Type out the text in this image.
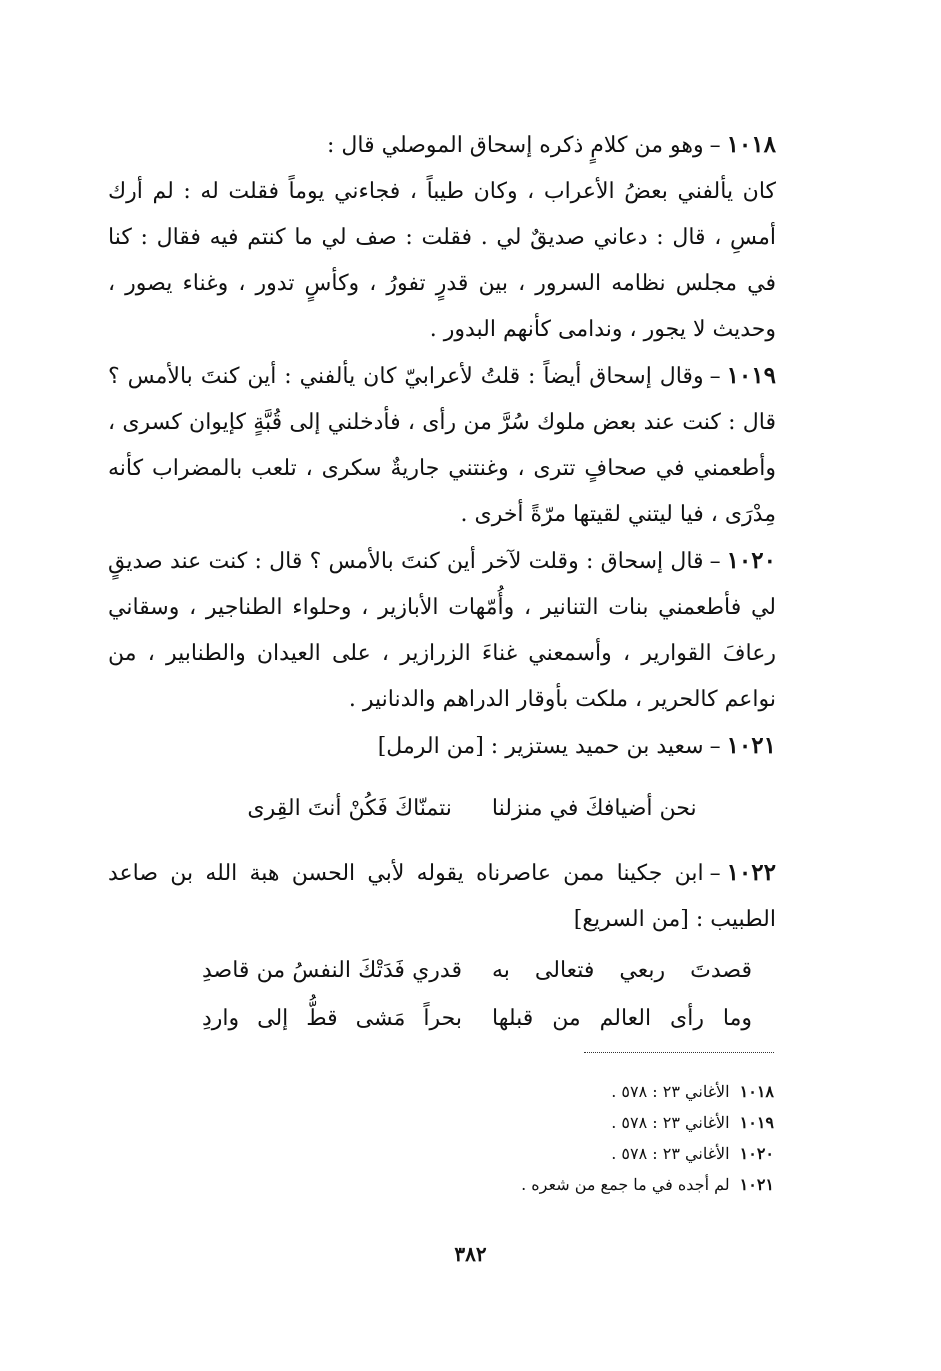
١٠١٨–وهو من كلامٍ ذكره إسحاق الموصلي قال :
كان يألفني بعضُ الأعراب ، وكان طيباً ، فجاءني يوماً فقلت له : لم أرك أمسِ ، قال : دعاني صديقٌ لي . فقلت : صف لي ما كنتم فيه فقال : كنا في مجلس نظامه السرور ، بين قدرٍ تفورُ ، وكأسٍ تدور ، وغناء يصور ، وحديث لا يجور ، وندامى كأنهم البدور .
١٠١٩–وقال إسحاق أيضاً : قلتُ لأعرابيّ كان يألفني : أين كنتَ بالأمس ؟ قال : كنت عند بعض ملوك سُرَّ من رأى ، فأدخلني إلى قُبَّةٍ كإيوان كسرى ، وأطعمني في صحافٍ تترى ، وغنتني جاريةٌ سكرى ، تلعب بالمضراب كأنه مِدْرَى ، فيا ليتني لقيتها مرّةً أخرى .
١٠٢٠–قال إسحاق : وقلت لآخر أين كنتَ بالأمس ؟ قال : كنت عند صديقٍ لي فأطعمني بنات التنانير ، وأُمّهات الأبازير ، وحلواء الطناجير ، وسقاني رعافَ القوارير ، وأسمعني غناءَ الزرازير ، على العيدان والطنابير ، من نواعم كالحرير ، ملكت بأوقار الدراهم والدنانير .
١٠٢١–سعيد بن حميد يستزير : [من الرمل]
نحن أضيافكَ في منزلنا
نتمنّاكَ فَكُنْ أنتَ القِرى
١٠٢٢–ابن جكينا ممن عاصرناه يقوله لأبي الحسن هبة الله بن صاعد الطبيب : [من السريع]
قصدتَ ربعي فتعالى به
قدري فَدَتْكَ النفسُ من قاصدِ
وما رأى العالم من قبلها
بحراً مَشى قطُّ إلى واردِ

١٠١٨الأغاني ٢٣ : ٥٧٨ .

١٠١٩الأغاني ٢٣ : ٥٧٨ .

١٠٢٠الأغاني ٢٣ : ٥٧٨ .

١٠٢١لم أجده في ما جمع من شعره .

٣٨٢
